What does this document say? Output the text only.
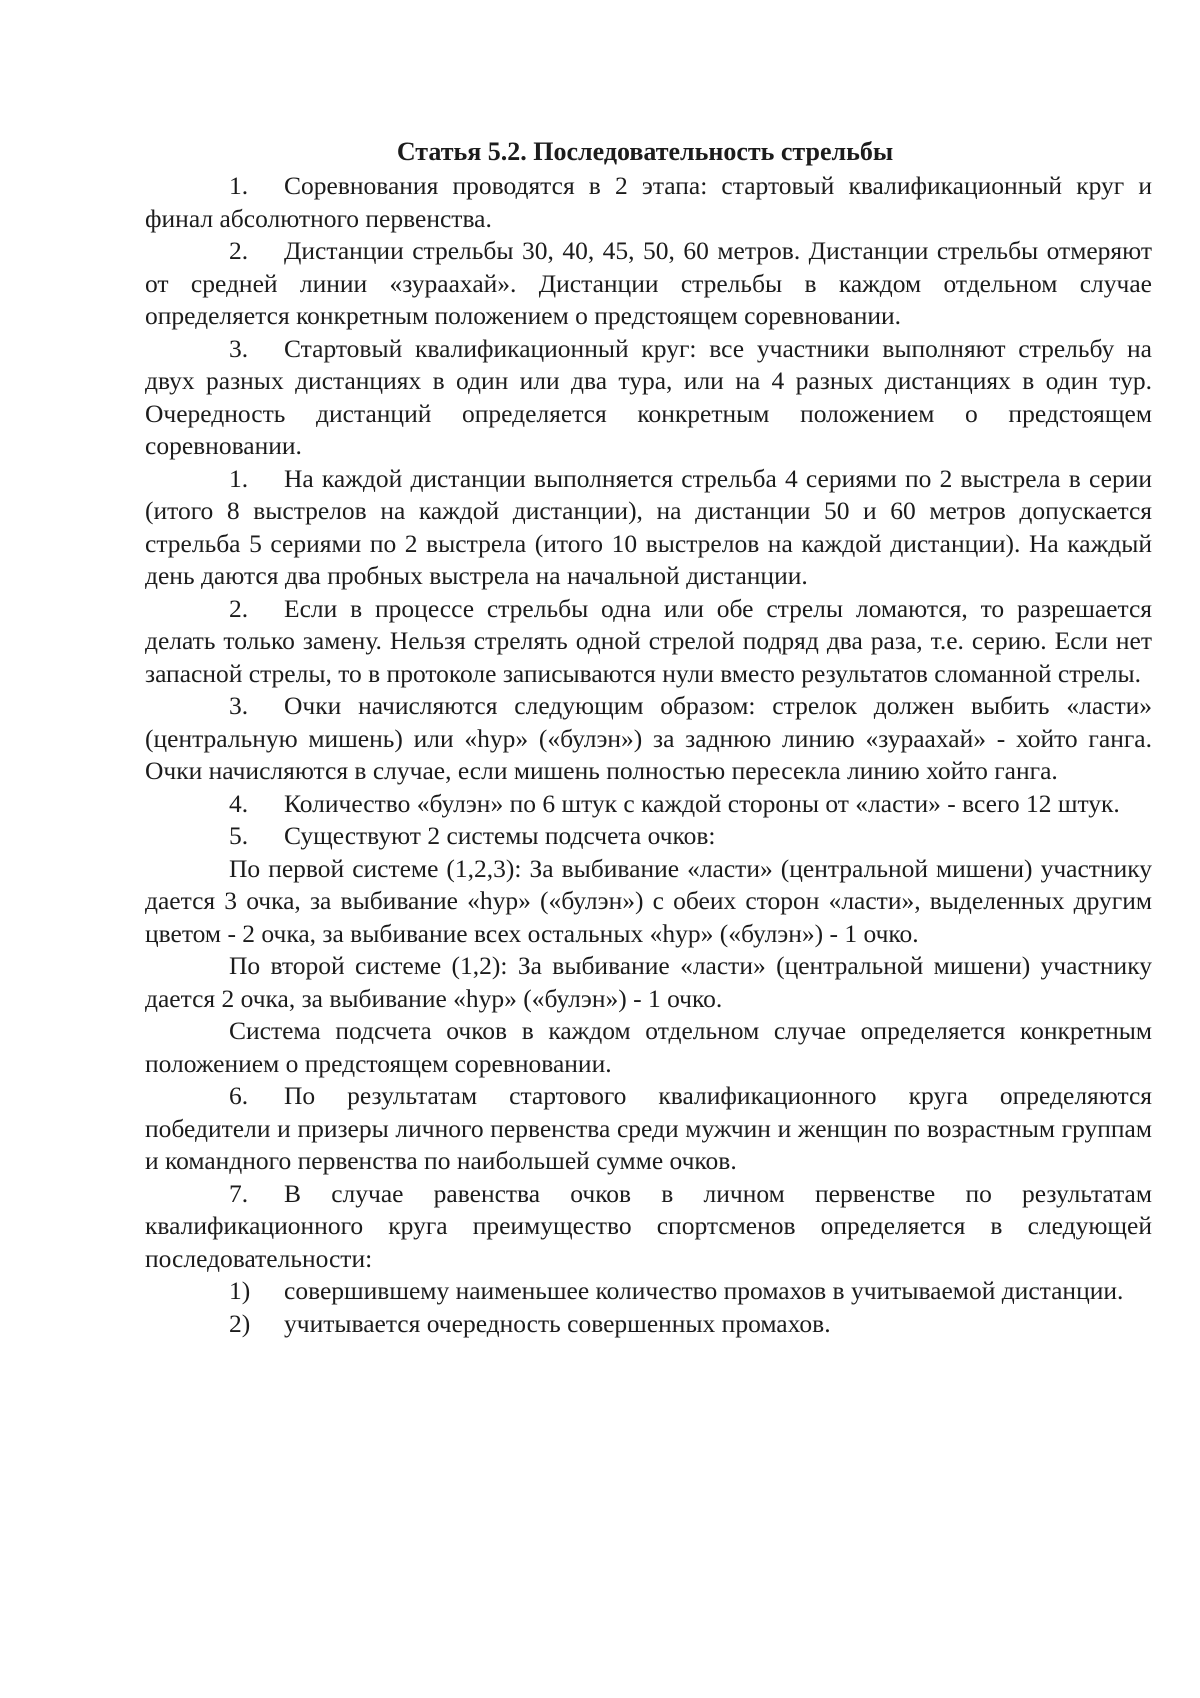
Статья 5.2. Последовательность стрельбы

1. Соревнования проводятся в 2 этапа: стартовый квалификационный круг и финал абсолютного первенства.

2. Дистанции стрельбы 30, 40, 45, 50, 60 метров. Дистанции стрельбы отмеряют от средней линии «зураахай». Дистанции стрельбы в каждом отдельном случае определяется конкретным положением о предстоящем соревновании.

3. Стартовый квалификационный круг: все участники выполняют стрельбу на двух разных дистанциях в один или два тура, или на 4 разных дистанциях в один тур. Очередность дистанций определяется конкретным положением о предстоящем соревновании.

1. На каждой дистанции выполняется стрельба 4 сериями по 2 выстрела в серии (итого 8 выстрелов на каждой дистанции), на дистанции 50 и 60 метров допускается стрельба 5 сериями по 2 выстрела (итого 10 выстрелов на каждой дистанции). На каждый день даются два пробных выстрела на начальной дистанции.

2. Если в процессе стрельбы одна или обе стрелы ломаются, то разрешается делать только замену. Нельзя стрелять одной стрелой подряд два раза, т.е. серию. Если нет запасной стрелы, то в протоколе записываются нули вместо результатов сломанной стрелы.

3. Очки начисляются следующим образом: стрелок должен выбить «ласти» (центральную мишень) или «hур» («булэн») за заднюю линию «зураахай» - хойто ганга. Очки начисляются в случае, если мишень полностью пересекла линию хойто ганга.

4. Количество «булэн» по 6 штук с каждой стороны от «ласти» - всего 12 штук.

5. Существуют 2 системы подсчета очков:

По первой системе (1,2,3): За выбивание «ласти» (центральной мишени) участнику дается 3 очка, за выбивание «hур» («булэн») с обеих сторон «ласти», выделенных другим цветом - 2 очка, за выбивание всех остальных «hур» («булэн») - 1 очко.

По второй системе (1,2): За выбивание «ласти» (центральной мишени) участнику дается 2 очка, за выбивание «hур» («булэн») - 1 очко.

Система подсчета очков в каждом отдельном случае определяется конкретным положением о предстоящем соревновании.

6. По результатам стартового квалификационного круга определяются победители и призеры личного первенства среди мужчин и женщин по возрастным группам и командного первенства по наибольшей сумме очков.

7. В случае равенства очков в личном первенстве по результатам квалификационного круга преимущество спортсменов определяется в следующей последовательности:

1) совершившему наименьшее количество промахов в учитываемой дистанции.

2) учитывается очередность совершенных промахов.
